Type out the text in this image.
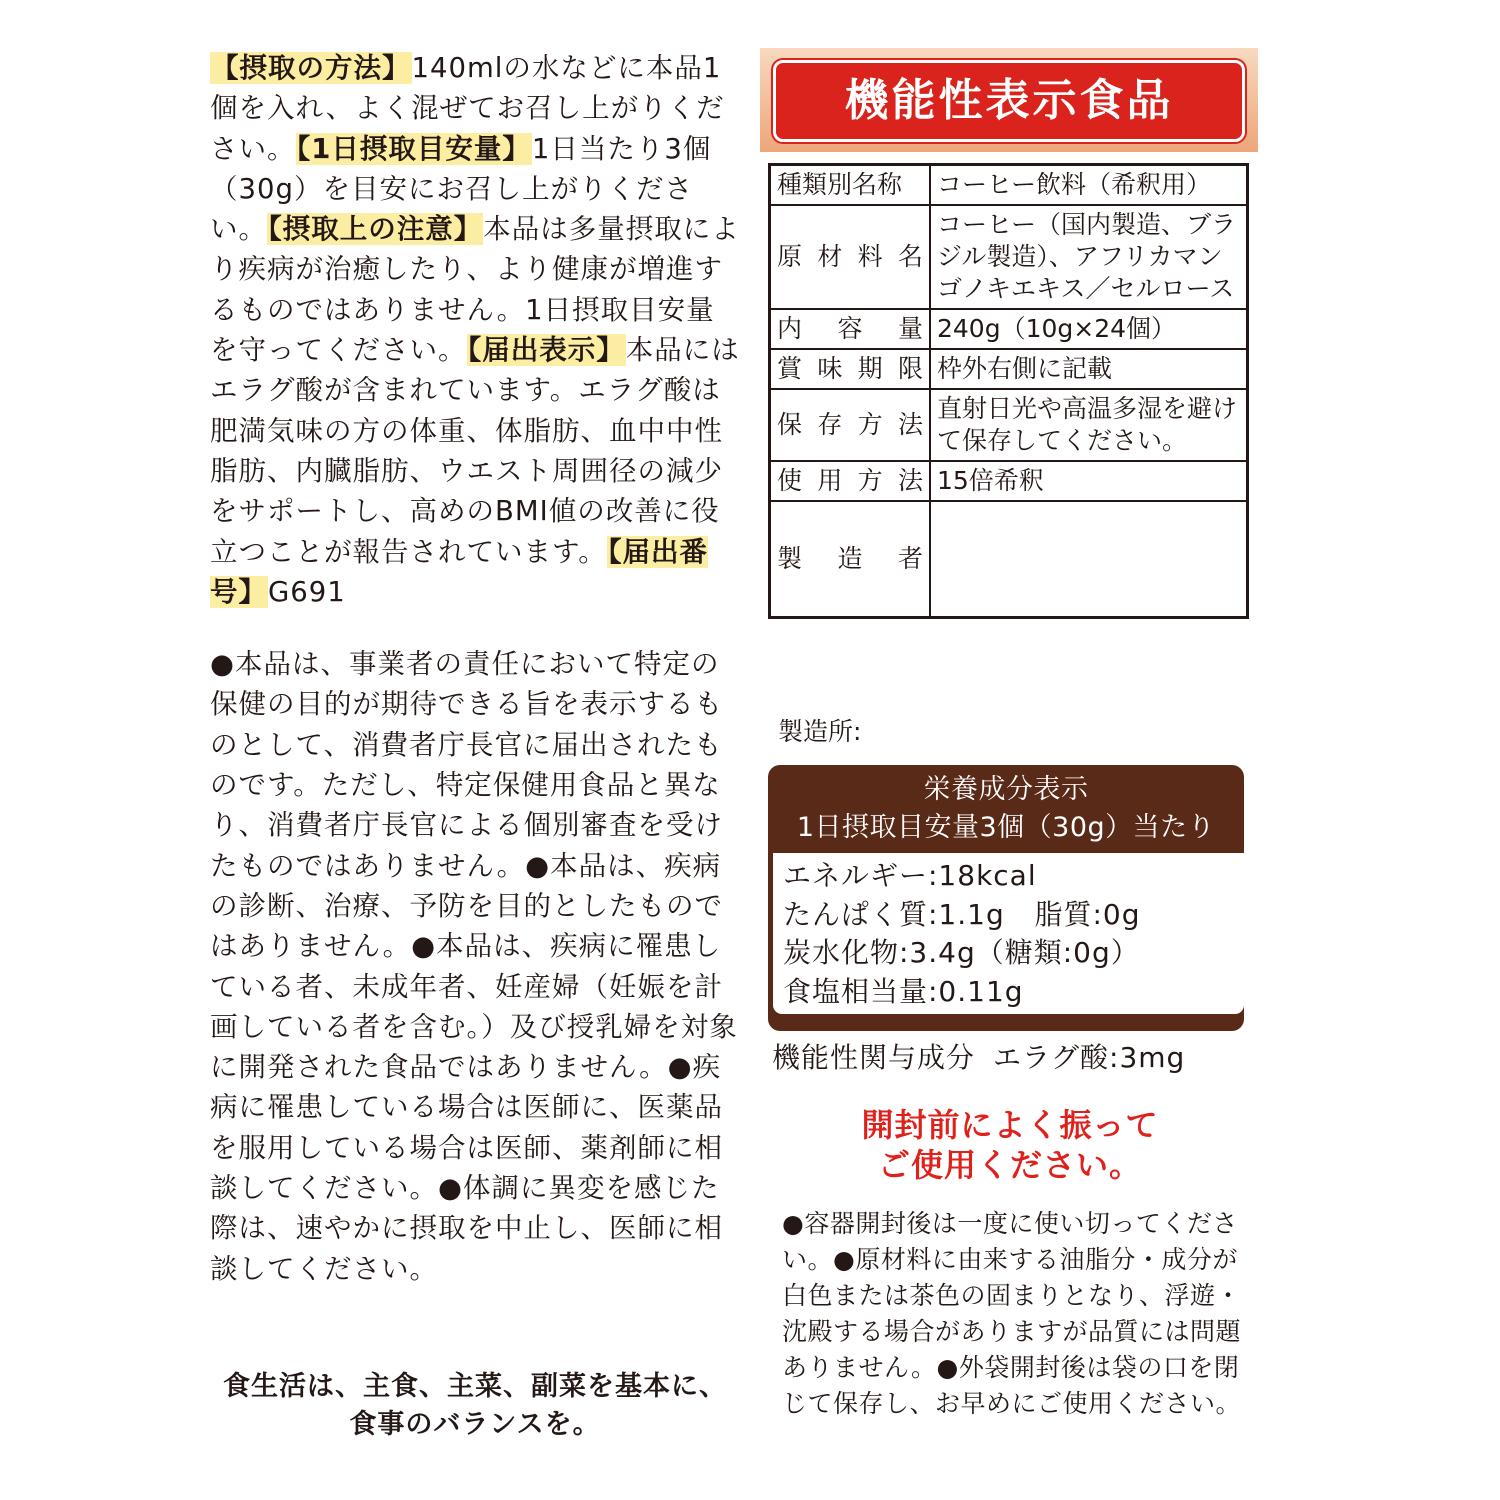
【摂取の方法】140mlの水などに本品1個を入れ、よく混ぜてお召し上がりください。【1日摂取目安量】1日当たり3個（30g）を目安にお召し上がりください。【摂取上の注意】本品は多量摂取により疾病が治癒したり、より健康が増進するものではありません。1日摂取目安量を守ってください。【届出表示】本品にはエラグ酸が含まれています。エラグ酸は肥満気味の方の体重、体脂肪、血中中性脂肪、内臓脂肪、ウエスト周囲径の減少をサポートし、高めのBMI値の改善に役立つことが報告されています。【届出番号】G691

●本品は、事業者の責任において特定の保健の目的が期待できる旨を表示するものとして、消費者庁長官に届出されたものです。ただし、特定保健用食品と異なり、消費者庁長官による個別審査を受けたものではありません。●本品は、疾病の診断、治療、予防を目的としたものではありません。●本品は、疾病に罹患している者、未成年者、妊産婦（妊娠を計画している者を含む。）及び授乳婦を対象に開発された食品ではありません。●疾病に罹患している場合は医師に、医薬品を服用している場合は医師、薬剤師に相談してください。●体調に異変を感じた際は、速やかに摂取を中止し、医師に相談してください。

食生活は、主食、主菜、副菜を基本に、
食事のバランスを。
機能性表示食品
種類別名称	コーヒー飲料（希釈用）
原材料名	コーヒー（国内製造、ブラジル製造）、アフリカマンゴノキエキス／セルロース
内容量	240g（10g×24個）
賞味期限	枠外右側に記載
保存方法	直射日光や高温多湿を避けて保存してください。
使用方法	15倍希釈
製造者	
製造所:
栄養成分表示
1日摂取目安量3個（30g）当たり
エネルギー:18kcal   たんぱく質:1.1g 脂質:0g   炭水化物:3.4g（糖類:0g）   食塩相当量:0.11g
機能性関与成分 エラグ酸:3mg
開封前によく振って
ご使用ください。

●容器開封後は一度に使い切ってください。●原材料に由来する油脂分・成分が白色または茶色の固まりとなり、浮遊・沈殿する場合がありますが品質には問題ありません。●外袋開封後は袋の口を閉じて保存し、お早めにご使用ください。
